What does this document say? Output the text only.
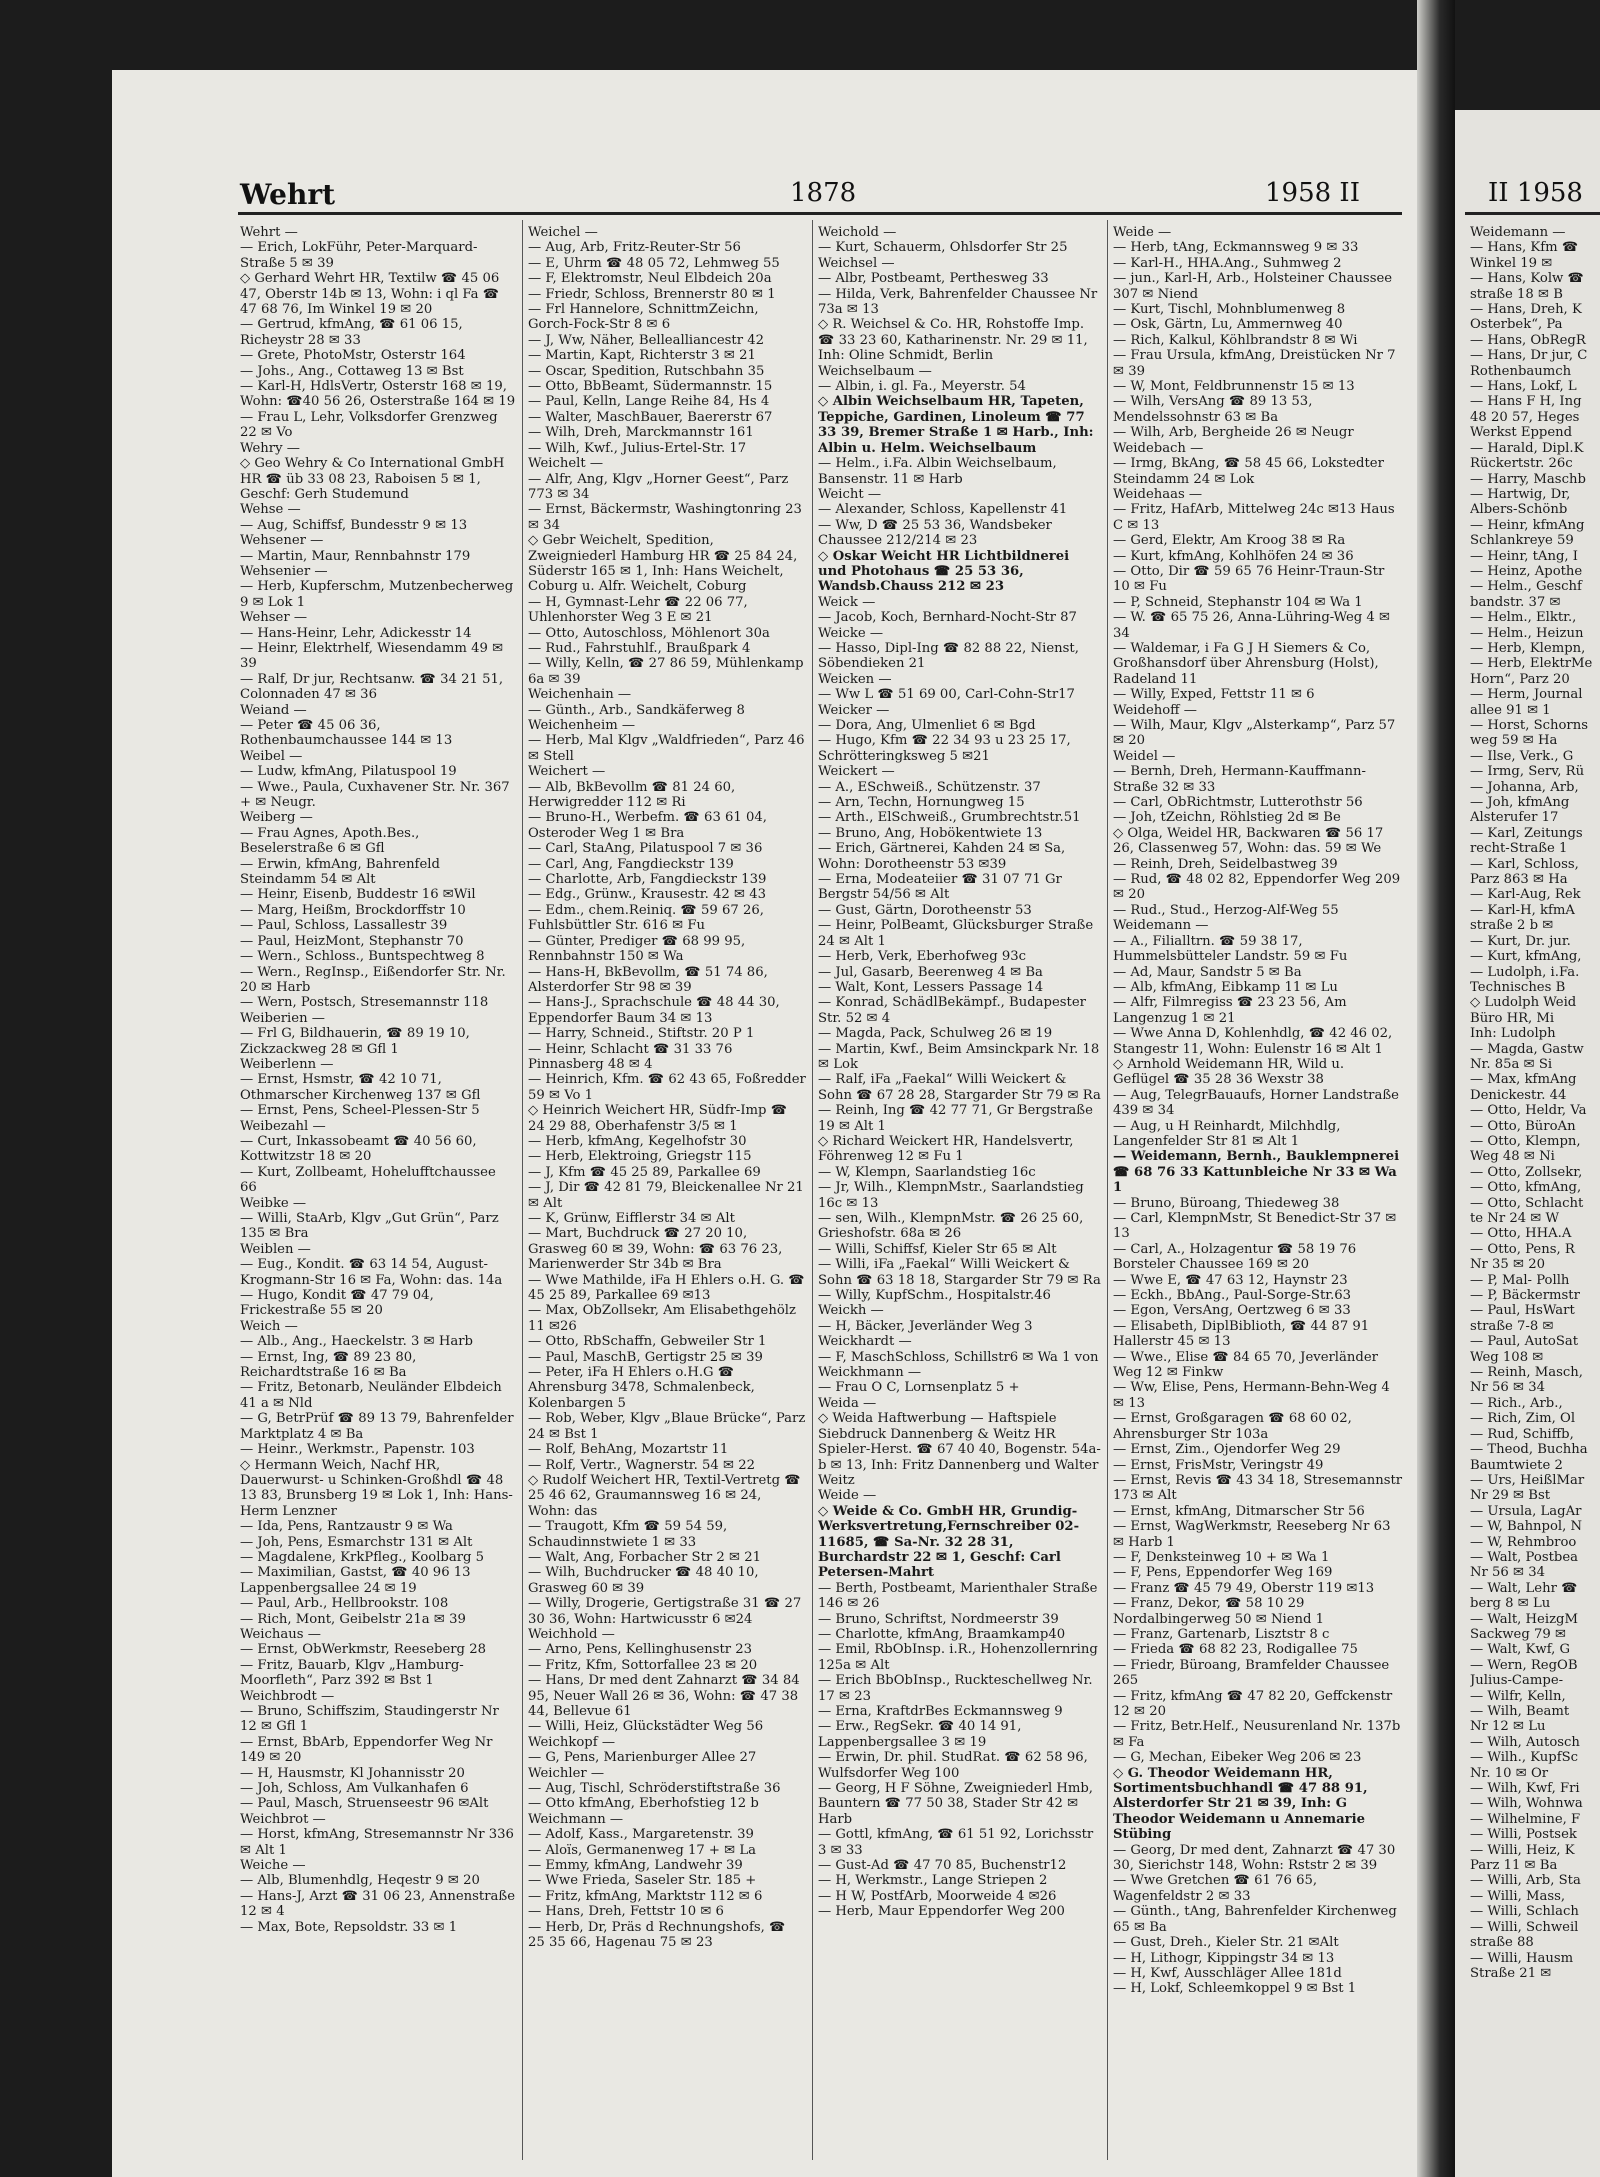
Wehrt	1878	1958 II	II 1958
Wehrt —
— Erich, LokFühr, Peter-Marquard-Straße 5 ✉ 39
◇ Gerhard Wehrt HR, Textilw ☎ 45 06 47, Oberstr 14b ✉ 13, Wohn: i ql Fa ☎ 47 68 76, Im Winkel 19 ✉ 20
— Gertrud, kfmAng, ☎ 61 06 15, Richeystr 28 ✉ 33
— Grete, PhotoMstr, Osterstr 164
— Johs., Ang., Cottaweg 13 ✉ Bst
— Karl-H, HdlsVertr, Osterstr 168 ✉ 19, Wohn: ☎40 56 26, Osterstraße 164 ✉ 19
— Frau L, Lehr, Volksdorfer Grenzweg 22 ✉ Vo
Wehry —
◇ Geo Wehry & Co International GmbH HR ☎ üb 33 08 23, Raboisen 5 ✉ 1, Geschf: Gerh Studemund
Wehse —
— Aug, Schiffsf, Bundesstr 9 ✉ 13
Wehsener —
— Martin, Maur, Rennbahnstr 179
Wehsenier —
— Herb, Kupferschm, Mutzenbecherweg 9 ✉ Lok 1
Wehser —
— Hans-Heinr, Lehr, Adickesstr 14
— Heinr, Elektrhelf, Wiesendamm 49 ✉ 39
— Ralf, Dr jur, Rechtsanw. ☎ 34 21 51, Colonnaden 47 ✉ 36
Weiand —
— Peter ☎ 45 06 36, Rothenbaumchaussee 144 ✉ 13
Weibel —
— Ludw, kfmAng, Pilatuspool 19
— Wwe., Paula, Cuxhavener Str. Nr. 367 + ✉ Neugr.
Weiberg —
— Frau Agnes, Apoth.Bes., Beselerstraße 6 ✉ Gfl
— Erwin, kfmAng, Bahrenfeld Steindamm 54 ✉ Alt
— Heinr, Eisenb, Buddestr 16 ✉Wil
— Marg, Heißm, Brockdorffstr 10
— Paul, Schloss, Lassallestr 39
— Paul, HeizMont, Stephanstr 70
— Wern., Schloss., Buntspechtweg 8
— Wern., RegInsp., Eißendorfer Str. Nr. 20 ✉ Harb
— Wern, Postsch, Stresemannstr 118
Weiberien —
— Frl G, Bildhauerin, ☎ 89 19 10, Zickzackweg 28 ✉ Gfl 1
Weiberlenn —
— Ernst, Hsmstr, ☎ 42 10 71, Othmarscher Kirchenweg 137 ✉ Gfl
— Ernst, Pens, Scheel-Plessen-Str 5
Weibezahl —
— Curt, Inkassobeamt ☎ 40 56 60, Kottwitzstr 18 ✉ 20
— Kurt, Zollbeamt, Hohelufftchaussee 66
Weibke —
— Willi, StaArb, Klgv „Gut Grün“, Parz 135 ✉ Bra
Weiblen —
— Eug., Kondit. ☎ 63 14 54, August-Krogmann-Str 16 ✉ Fa, Wohn: das. 14a
— Hugo, Kondit ☎ 47 79 04, Frickestraße 55 ✉ 20
Weich —
— Alb., Ang., Haeckelstr. 3 ✉ Harb
— Ernst, Ing, ☎ 89 23 80, Reichardtstraße 16 ✉ Ba
— Fritz, Betonarb, Neuländer Elbdeich 41 a ✉ Nld
— G, BetrPrüf ☎ 89 13 79, Bahrenfelder Marktplatz 4 ✉ Ba
— Heinr., Werkmstr., Papenstr. 103
◇ Hermann Weich, Nachf HR, Dauerwurst- u Schinken-Großhdl ☎ 48 13 83, Brunsberg 19 ✉ Lok 1, Inh: Hans-Herm Lenzner
— Ida, Pens, Rantzaustr 9 ✉ Wa
— Joh, Pens, Esmarchstr 131 ✉ Alt
— Magdalene, KrkPfleg., Koolbarg 5
— Maximilian, Gastst, ☎ 40 96 13 Lappenbergsallee 24 ✉ 19
— Paul, Arb., Hellbrookstr. 108
— Rich, Mont, Geibelstr 21a ✉ 39
Weichaus —
— Ernst, ObWerkmstr, Reeseberg 28
— Fritz, Bauarb, Klgv „Hamburg-Moorfleth“, Parz 392 ✉ Bst 1
Weichbrodt —
— Bruno, Schiffszim, Staudingerstr Nr 12 ✉ Gfl 1
— Ernst, BbArb, Eppendorfer Weg Nr 149 ✉ 20
— H, Hausmstr, Kl Johannisstr 20
— Joh, Schloss, Am Vulkanhafen 6
— Paul, Masch, Struenseestr 96 ✉Alt
Weichbrot —
— Horst, kfmAng, Stresemannstr Nr 336 ✉ Alt 1
Weiche —
— Alb, Blumenhdlg, Heqestr 9 ✉ 20
— Hans-J, Arzt ☎ 31 06 23, Annenstraße 12 ✉ 4
— Max, Bote, Repsoldstr. 33 ✉ 1
Weichel —
— Aug, Arb, Fritz-Reuter-Str 56
— E, Uhrm ☎ 48 05 72, Lehmweg 55
— F, Elektromstr, Neul Elbdeich 20a
— Friedr, Schloss, Brennerstr 80 ✉ 1
— Frl Hannelore, SchnittmZeichn, Gorch-Fock-Str 8 ✉ 6
— J, Ww, Näher, Bellealliancestr 42
— Martin, Kapt, Richterstr 3 ✉ 21
— Oscar, Spedition, Rutschbahn 35
— Otto, BbBeamt, Südermannstr. 15
— Paul, Kelln, Lange Reihe 84, Hs 4
— Walter, MaschBauer, Baererstr 67
— Wilh, Dreh, Marckmannstr 161
— Wilh, Kwf., Julius-Ertel-Str. 17
Weichelt —
— Alfr, Ang, Klgv „Horner Geest“, Parz 773 ✉ 34
— Ernst, Bäckermstr, Washingtonring 23 ✉ 34
◇ Gebr Weichelt, Spedition, Zweigniederl Hamburg HR ☎ 25 84 24, Süderstr 165 ✉ 1, Inh: Hans Weichelt, Coburg u. Alfr. Weichelt, Coburg
— H, Gymnast-Lehr ☎ 22 06 77, Uhlenhorster Weg 3 E ✉ 21
— Otto, Autoschloss, Möhlenort 30a
— Rud., Fahrstuhlf., Braußpark 4
— Willy, Kelln, ☎ 27 86 59, Mühlenkamp 6a ✉ 39
Weichenhain —
— Günth., Arb., Sandkäferweg 8
Weichenheim —
— Herb, Mal Klgv „Waldfrieden“, Parz 46 ✉ Stell
Weichert —
— Alb, BkBevollm ☎ 81 24 60, Herwigredder 112 ✉ Ri
— Bruno-H., Werbefm. ☎ 63 61 04, Osteroder Weg 1 ✉ Bra
— Carl, StaAng, Pilatuspool 7 ✉ 36
— Carl, Ang, Fangdieckstr 139
— Charlotte, Arb, Fangdieckstr 139
— Edg., Grünw., Krausestr. 42 ✉ 43
— Edm., chem.Reiniq. ☎ 59 67 26, Fuhlsbüttler Str. 616 ✉ Fu
— Günter, Prediger ☎ 68 99 95, Rennbahnstr 150 ✉ Wa
— Hans-H, BkBevollm, ☎ 51 74 86, Alsterdorfer Str 98 ✉ 39
— Hans-J., Sprachschule ☎ 48 44 30, Eppendorfer Baum 34 ✉ 13
— Harry, Schneid., Stiftstr. 20 P 1
— Heinr, Schlacht ☎ 31 33 76 Pinnasberg 48 ✉ 4
— Heinrich, Kfm. ☎ 62 43 65, Foßredder 59 ✉ Vo 1
◇ Heinrich Weichert HR, Südfr-Imp ☎ 24 29 88, Oberhafenstr 3/5 ✉ 1
— Herb, kfmAng, Kegelhofstr 30
— Herb, Elektroing, Griegstr 115
— J, Kfm ☎ 45 25 89, Parkallee 69
— J, Dir ☎ 42 81 79, Bleickenallee Nr 21 ✉ Alt
— K, Grünw, Eifflerstr 34 ✉ Alt
— Mart, Buchdruck ☎ 27 20 10, Grasweg 60 ✉ 39, Wohn: ☎ 63 76 23, Marienwerder Str 34b ✉ Bra
— Wwe Mathilde, iFa H Ehlers o.H. G. ☎ 45 25 89, Parkallee 69 ✉13
— Max, ObZollsekr, Am Elisabethgehölz 11 ✉26
— Otto, RbSchaffn, Gebweiler Str 1
— Paul, MaschB, Gertigstr 25 ✉ 39
— Peter, iFa H Ehlers o.H.G ☎ Ahrensburg 3478, Schmalenbeck, Kolenbargen 5
— Rob, Weber, Klgv „Blaue Brücke“, Parz 24 ✉ Bst 1
— Rolf, BehAng, Mozartstr 11
— Rolf, Vertr., Wagnerstr. 54 ✉ 22
◇ Rudolf Weichert HR, Textil-Vertretg ☎ 25 46 62, Graumannsweg 16 ✉ 24, Wohn: das
— Traugott, Kfm ☎ 59 54 59, Schaudinnstwiete 1 ✉ 33
— Walt, Ang, Forbacher Str 2 ✉ 21
— Wilh, Buchdrucker ☎ 48 40 10, Grasweg 60 ✉ 39
— Willy, Drogerie, Gertigstraße 31 ☎ 27 30 36, Wohn: Hartwicusstr 6 ✉24
Weichhold —
— Arno, Pens, Kellinghusenstr 23
— Fritz, Kfm, Sottorfallee 23 ✉ 20
— Hans, Dr med dent Zahnarzt ☎ 34 84 95, Neuer Wall 26 ✉ 36, Wohn: ☎ 47 38 44, Bellevue 61
— Willi, Heiz, Glückstädter Weg 56
Weichkopf —
— G, Pens, Marienburger Allee 27
Weichler —
— Aug, Tischl, Schröderstiftstraße 36
— Otto kfmAng, Eberhofstieg 12 b
Weichmann —
— Adolf, Kass., Margaretenstr. 39
— Aloïs, Germanenweg 17 + ✉ La
— Emmy, kfmAng, Landwehr 39
— Wwe Frieda, Saseler Str. 185 +
— Fritz, kfmAng, Marktstr 112 ✉ 6
— Hans, Dreh, Fettstr 10 ✉ 6
— Herb, Dr, Präs d Rechnungshofs, ☎ 25 35 66, Hagenau 75 ✉ 23
Weichold —
— Kurt, Schauerm, Ohlsdorfer Str 25
Weichsel —
— Albr, Postbeamt, Perthesweg 33
— Hilda, Verk, Bahrenfelder Chaussee Nr 73a ✉ 13
◇ R. Weichsel & Co. HR, Rohstoffe Imp. ☎ 33 23 60, Katharinenstr. Nr. 29 ✉ 11, Inh: Oline Schmidt, Berlin
Weichselbaum —
— Albin, i. gl. Fa., Meyerstr. 54
◇ Albin Weichselbaum HR, Tapeten, Teppiche, Gardinen, Linoleum ☎ 77 33 39, Bremer Straße 1 ✉ Harb., Inh: Albin u. Helm. Weichselbaum
— Helm., i.Fa. Albin Weichselbaum, Bansenstr. 11 ✉ Harb
Weicht —
— Alexander, Schloss, Kapellenstr 41
— Ww, D ☎ 25 53 36, Wandsbeker Chaussee 212/214 ✉ 23
◇ Oskar Weicht HR Lichtbildnerei und Photohaus ☎ 25 53 36, Wandsb.Chauss 212 ✉ 23
Weick —
— Jacob, Koch, Bernhard-Nocht-Str 87
Weicke —
— Hasso, Dipl-Ing ☎ 82 88 22, Nienst, Söbendieken 21
Weicken —
— Ww L ☎ 51 69 00, Carl-Cohn-Str17
Weicker —
— Dora, Ang, Ulmenliet 6 ✉ Bgd
— Hugo, Kfm ☎ 22 34 93 u 23 25 17, Schrötteringksweg 5 ✉21
Weickert —
— A., ESchweiß., Schützenstr. 37
— Arn, Techn, Hornungweg 15
— Arth., ElSchweiß., Grumbrechtstr.51
— Bruno, Ang, Hobökentwiete 13
— Erich, Gärtnerei, Kahden 24 ✉ Sa, Wohn: Dorotheenstr 53 ✉39
— Erna, Modeateiier ☎ 31 07 71 Gr Bergstr 54/56 ✉ Alt
— Gust, Gärtn, Dorotheenstr 53
— Heinr, PolBeamt, Glücksburger Straße 24 ✉ Alt 1
— Herb, Verk, Eberhofweg 93c
— Jul, Gasarb, Beerenweg 4 ✉ Ba
— Walt, Kont, Lessers Passage 14
— Konrad, SchädlBekämpf., Budapester Str. 52 ✉ 4
— Magda, Pack, Schulweg 26 ✉ 19
— Martin, Kwf., Beim Amsinckpark Nr. 18 ✉ Lok
— Ralf, iFa „Faekal“ Willi Weickert & Sohn ☎ 67 28 28, Stargarder Str 79 ✉ Ra
— Reinh, Ing ☎ 42 77 71, Gr Bergstraße 19 ✉ Alt 1
◇ Richard Weickert HR, Handelsvertr, Föhrenweg 12 ✉ Fu 1
— W, Klempn, Saarlandstieg 16c
— Jr, Wilh., KlempnMstr., Saarlandstieg 16c ✉ 13
— sen, Wilh., KlempnMstr. ☎ 26 25 60, Grieshofstr. 68a ✉ 26
— Willi, Schiffsf, Kieler Str 65 ✉ Alt
— Willi, iFa „Faekal“ Willi Weickert & Sohn ☎ 63 18 18, Stargarder Str 79 ✉ Ra
— Willy, KupfSchm., Hospitalstr.46
Weickh —
— H, Bäcker, Jeverländer Weg 3
Weickhardt —
— F, MaschSchloss, Schillstr6 ✉ Wa 1 von Weickhmann —
— Frau O C, Lornsenplatz 5 +
Weida —
◇ Weida Haftwerbung — Haftspiele Siebdruck Dannenberg & Weitz HR Spieler-Herst. ☎ 67 40 40, Bogenstr. 54a-b ✉ 13, Inh: Fritz Dannenberg und Walter Weitz
Weide —
◇ Weide & Co. GmbH HR, Grundig-Werksvertretung,Fernschreiber 02-11685, ☎ Sa-Nr. 32 28 31, Burchardstr 22 ✉ 1, Geschf: Carl Petersen-Mahrt
— Berth, Postbeamt, Marienthaler Straße 146 ✉ 26
— Bruno, Schriftst, Nordmeerstr 39
— Charlotte, kfmAng, Braamkamp40
— Emil, RbObInsp. i.R., Hohenzollernring 125a ✉ Alt
— Erich BbObInsp., Ruckteschellweg Nr. 17 ✉ 23
— Erna, KraftdrBes Eckmannsweg 9
— Erw., RegSekr. ☎ 40 14 91, Lappenbergsallee 3 ✉ 19
— Erwin, Dr. phil. StudRat. ☎ 62 58 96, Wulfsdorfer Weg 100
— Georg, H F Söhne, Zweigniederl Hmb, Bauntern ☎ 77 50 38, Stader Str 42 ✉ Harb
— Gottl, kfmAng, ☎ 61 51 92, Lorichsstr 3 ✉ 33
— Gust-Ad ☎ 47 70 85, Buchenstr12
— H, Werkmstr., Lange Striepen 2
— H W, PostfArb, Moorweide 4 ✉26
— Herb, Maur Eppendorfer Weg 200
Weide —
— Herb, tAng, Eckmannsweg 9 ✉ 33
— Karl-H., HHA.Ang., Suhmweg 2
— jun., Karl-H, Arb., Holsteiner Chaussee 307 ✉ Niend
— Kurt, Tischl, Mohnblumenweg 8
— Osk, Gärtn, Lu, Ammernweg 40
— Rich, Kalkul, Köhlbrandstr 8 ✉ Wi
— Frau Ursula, kfmAng, Dreistücken Nr 7 ✉ 39
— W, Mont, Feldbrunnenstr 15 ✉ 13
— Wilh, VersAng ☎ 89 13 53, Mendelssohnstr 63 ✉ Ba
— Wilh, Arb, Bergheide 26 ✉ Neugr
Weidebach —
— Irmg, BkAng, ☎ 58 45 66, Lokstedter Steindamm 24 ✉ Lok
Weidehaas —
— Fritz, HafArb, Mittelweg 24c ✉13 Haus C ✉ 13
— Gerd, Elektr, Am Kroog 38 ✉ Ra
— Kurt, kfmAng, Kohlhöfen 24 ✉ 36
— Otto, Dir ☎ 59 65 76 Heinr-Traun-Str 10 ✉ Fu
— P, Schneid, Stephanstr 104 ✉ Wa 1
— W. ☎ 65 75 26, Anna-Lühring-Weg 4 ✉ 34
— Waldemar, i Fa G J H Siemers & Co, Großhansdorf über Ahrensburg (Holst), Radeland 11
— Willy, Exped, Fettstr 11 ✉ 6
Weidehoff —
— Wilh, Maur, Klgv „Alsterkamp“, Parz 57 ✉ 20
Weidel —
— Bernh, Dreh, Hermann-Kauffmann-Straße 32 ✉ 33
— Carl, ObRichtmstr, Lutterothstr 56
— Joh, tZeichn, Röhlstieg 2d ✉ Be
◇ Olga, Weidel HR, Backwaren ☎ 56 17 26, Classenweg 57, Wohn: das. 59 ✉ We
— Reinh, Dreh, Seidelbastweg 39
— Rud, ☎ 48 02 82, Eppendorfer Weg 209 ✉ 20
— Rud., Stud., Herzog-Alf-Weg 55
Weidemann —
— A., Filialltrn. ☎ 59 38 17, Hummelsbütteler Landstr. 59 ✉ Fu
— Ad, Maur, Sandstr 5 ✉ Ba
— Alb, kfmAng, Eibkamp 11 ✉ Lu
— Alfr, Filmregiss ☎ 23 23 56, Am Langenzug 1 ✉ 21
— Wwe Anna D, Kohlenhdlg, ☎ 42 46 02, Stangestr 11, Wohn: Eulenstr 16 ✉ Alt 1
◇ Arnhold Weidemann HR, Wild u. Geflügel ☎ 35 28 36 Wexstr 38
— Aug, TelegrBauaufs, Horner Landstraße 439 ✉ 34
— Aug, u H Reinhardt, Milchhdlg, Langenfelder Str 81 ✉ Alt 1
— Weidemann, Bernh., Bauklempnerei ☎ 68 76 33 Kattunbleiche Nr 33 ✉ Wa 1
— Bruno, Büroang, Thiedeweg 38
— Carl, KlempnMstr, St Benedict-Str 37 ✉ 13
— Carl, A., Holzagentur ☎ 58 19 76 Borsteler Chaussee 169 ✉ 20
— Wwe E, ☎ 47 63 12, Haynstr 23
— Eckh., BbAng., Paul-Sorge-Str.63
— Egon, VersAng, Oertzweg 6 ✉ 33
— Elisabeth, DiplBiblioth, ☎ 44 87 91 Hallerstr 45 ✉ 13
— Wwe., Elise ☎ 84 65 70, Jeverländer Weg 12 ✉ Finkw
— Ww, Elise, Pens, Hermann-Behn-Weg 4 ✉ 13
— Ernst, Großgaragen ☎ 68 60 02, Ahrensburger Str 103a
— Ernst, Zim., Ojendorfer Weg 29
— Ernst, FrisMstr, Veringstr 49
— Ernst, Revis ☎ 43 34 18, Stresemannstr 173 ✉ Alt
— Ernst, kfmAng, Ditmarscher Str 56
— Ernst, WagWerkmstr, Reeseberg Nr 63 ✉ Harb 1
— F, Denksteinweg 10 + ✉ Wa 1
— F, Pens, Eppendorfer Weg 169
— Franz ☎ 45 79 49, Oberstr 119 ✉13
— Franz, Dekor, ☎ 58 10 29 Nordalbingerweg 50 ✉ Niend 1
— Franz, Gartenarb, Lisztstr 8 c
— Frieda ☎ 68 82 23, Rodigallee 75
— Friedr, Büroang, Bramfelder Chaussee 265
— Fritz, kfmAng ☎ 47 82 20, Geffckenstr 12 ✉ 20
— Fritz, Betr.Helf., Neusurenland Nr. 137b ✉ Fa
— G, Mechan, Eibeker Weg 206 ✉ 23
◇ G. Theodor Weidemann HR, Sortimentsbuchhandl ☎ 47 88 91, Alsterdorfer Str 21 ✉ 39, Inh: G Theodor Weidemann u Annemarie Stübing
— Georg, Dr med dent, Zahnarzt ☎ 47 30 30, Sierichstr 148, Wohn: Rststr 2 ✉ 39
— Wwe Gretchen ☎ 61 76 65, Wagenfeldstr 2 ✉ 33
— Günth., tAng, Bahrenfelder Kirchenweg 65 ✉ Ba
— Gust, Dreh., Kieler Str. 21 ✉Alt
— H, Lithogr, Kippingstr 34 ✉ 13
— H, Kwf, Ausschläger Allee 181d
— H, Lokf, Schleemkoppel 9 ✉ Bst 1
Weidemann —
— Hans, Kfm ☎
Winkel 19 ✉
— Hans, Kolw ☎
straße 18 ✉ B
— Hans, Dreh, K
Osterbek“, Pa
— Hans, ObRegR
— Hans, Dr jur, C
Rothenbaumch
— Hans, Lokf, L
— Hans F H, Ing
48 20 57, Heges
Werkst Eppend
— Harald, Dipl.K
Rückertstr. 26c
— Harry, Maschb
— Hartwig, Dr,
Albers-Schönb
— Heinr, kfmAng
Schlankreye 59
— Heinr, tAng, I
— Heinz, Apothe
— Helm., Geschf
bandstr. 37 ✉
— Helm., Elktr.,
— Helm., Heizun
— Herb, Klempn,
— Herb, ElektrMe
Horn“, Parz 20
— Herm, Journal
allee 91 ✉ 1
— Horst, Schorns
weg 59 ✉ Ha
— Ilse, Verk., G
— Irmg, Serv, Rü
— Johanna, Arb,
— Joh, kfmAng
Alsterufer 17
— Karl, Zeitungs
recht-Straße 1
— Karl, Schloss,
Parz 863 ✉ Ha
— Karl-Aug, Rek
— Karl-H, kfmA
straße 2 b ✉
— Kurt, Dr. jur.
— Kurt, kfmAng,
— Ludolph, i.Fa.
Technisches B
◇ Ludolph Weid
Büro HR, Mi
Inh: Ludolph
— Magda, Gastw
Nr. 85a ✉ Si
— Max, kfmAng
Denickestr. 44
— Otto, Heldr, Va
— Otto, BüroAn
— Otto, Klempn,
Weg 48 ✉ Ni
— Otto, Zollsekr,
— Otto, kfmAng,
— Otto, Schlacht
te Nr 24 ✉ W
— Otto, HHA.A
— Otto, Pens, R
Nr 35 ✉ 20
— P, Mal- Pollh
— P, Bäckermstr
— Paul, HsWart
straße 7-8 ✉
— Paul, AutoSat
Weg 108 ✉
— Reinh, Masch,
Nr 56 ✉ 34
— Rich., Arb.,
— Rich, Zim, Ol
— Rud, Schiffb,
— Theod, Buchha
Baumtwiete 2
— Urs, HeißlMar
Nr 29 ✉ Bst
— Ursula, LagAr
— W, Bahnpol, N
— W, Rehmbroo
— Walt, Postbea
Nr 56 ✉ 34
— Walt, Lehr ☎
berg 8 ✉ Lu
— Walt, HeizgM
Sackweg 79 ✉
— Walt, Kwf, G
— Wern, RegOB
Julius-Campe-
— Wilfr, Kelln,
— Wilh, Beamt
Nr 12 ✉ Lu
— Wilh, Autosch
— Wilh., KupfSc
Nr. 10 ✉ Or
— Wilh, Kwf, Fri
— Wilh, Wohnwa
— Wilhelmine, F
— Willi, Postsek
— Willi, Heiz, K
Parz 11 ✉ Ba
— Willi, Arb, Sta
— Willi, Mass,
— Willi, Schlach
— Willi, Schweil
straße 88
— Willi, Hausm
Straße 21 ✉
